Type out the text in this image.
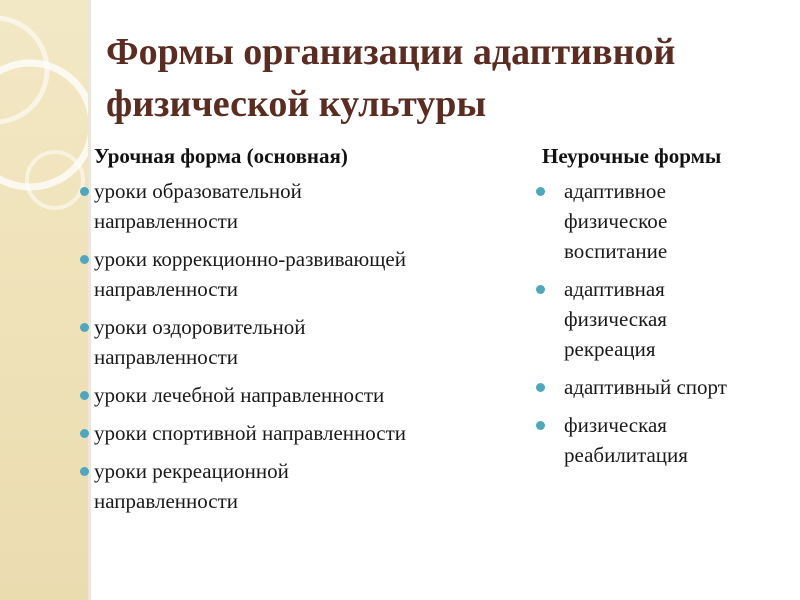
Формы организации адаптивной
физической культуры
Урочная форма (основная)
уроки образовательной
направленности
уроки коррекционно-развивающей
направленности
уроки оздоровительной
направленности
уроки лечебной направленности
уроки спортивной направленности
уроки рекреационной
направленности
Неурочные формы
адаптивное
физическое
воспитание
адаптивная
физическая
рекреация
адаптивный спорт
физическая
реабилитация
